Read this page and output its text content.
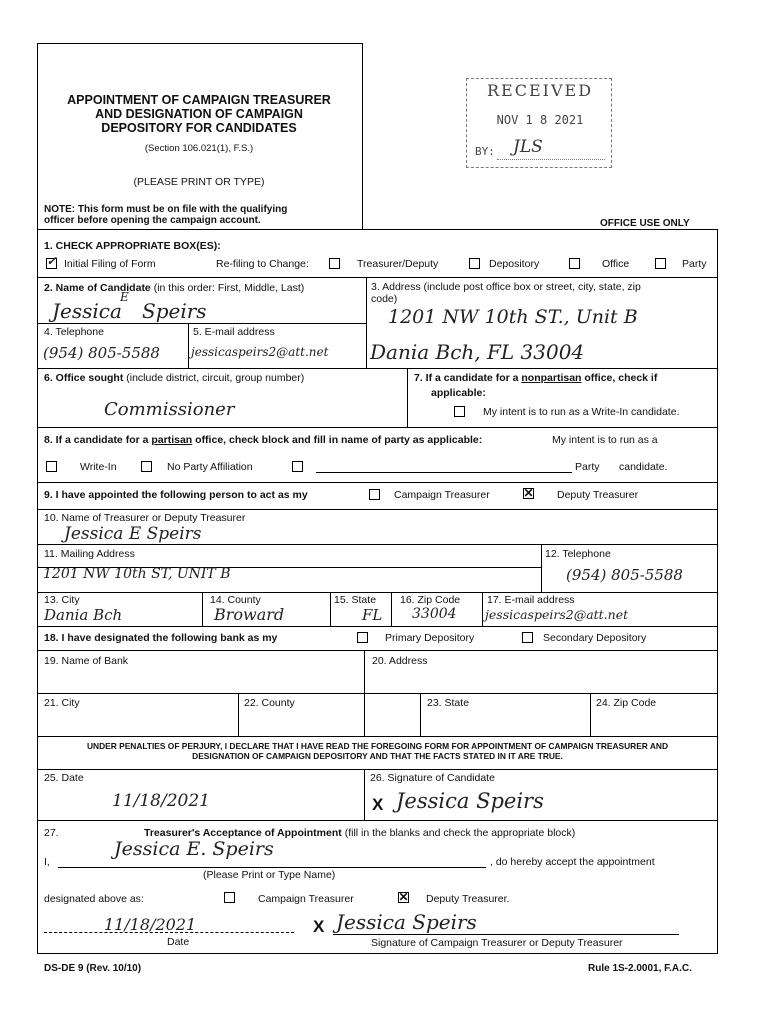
APPOINTMENT OF CAMPAIGN TREASURER
AND DESIGNATION OF CAMPAIGN
DEPOSITORY FOR CANDIDATES
(Section 106.021(1), F.S.)
(PLEASE PRINT OR TYPE)
NOTE: This form must be on file with the qualifying
officer before opening the campaign account.	OFFICE USE ONLY
RECEIVED
NOV 1 8 2021
BY: JLS
1. CHECK APPROPRIATE BOX(ES):
✓ Initial Filing of Form	Re-filing to Change:	Treasurer/Deputy	Depository	Office	Party
2. Name of Candidate (in this order: First, Middle, Last)
Jessica
E
Speirs
3. Address (include post office box or street, city, state, zip
code)
1201 NW 10th ST., Unit B
Dania Bch, FL 33004
4. Telephone
(954) 805-5588
5. E-mail address
jessicaspeirs2@att.net
6. Office sought (include district, circuit, group number)
Commissioner
7. If a candidate for a nonpartisan office, check if
applicable:
My intent is to run as a Write-In candidate.
8. If a candidate for a partisan office, check block and fill in name of party as applicable:	My intent is to run as a
Write-In	No Party Affiliation	Party candidate.
9. I have appointed the following person to act as my	Campaign Treasurer	✕ Deputy Treasurer
10. Name of Treasurer or Deputy Treasurer
Jessica E Speirs
11. Mailing Address
1201 NW 10th ST, UNIT B
12. Telephone
(954) 805-5588
13. City
Dania Bch
14. County
Broward
15. State
FL
16. Zip Code
33004
17. E-mail address
jessicaspeirs2@att.net
18. I have designated the following bank as my	Primary Depository	Secondary Depository
19. Name of Bank	20. Address
21. City	22. County	23. State	24. Zip Code
UNDER PENALTIES OF PERJURY, I DECLARE THAT I HAVE READ THE FOREGOING FORM FOR APPOINTMENT OF CAMPAIGN TREASURER AND
DESIGNATION OF CAMPAIGN DEPOSITORY AND THAT THE FACTS STATED IN IT ARE TRUE.
25. Date
11/18/2021
26. Signature of Candidate
X Jessica Speirs
27.	Treasurer's Acceptance of Appointment (fill in the blanks and check the appropriate block)
I,
Jessica E. Speirs
, do hereby accept the appointment
(Please Print or Type Name)
designated above as:	Campaign Treasurer	✕ Deputy Treasurer.
11/18/2021
Date
X Jessica Speirs
Signature of Campaign Treasurer or Deputy Treasurer
DS-DE 9 (Rev. 10/10)	Rule 1S-2.0001, F.A.C.
